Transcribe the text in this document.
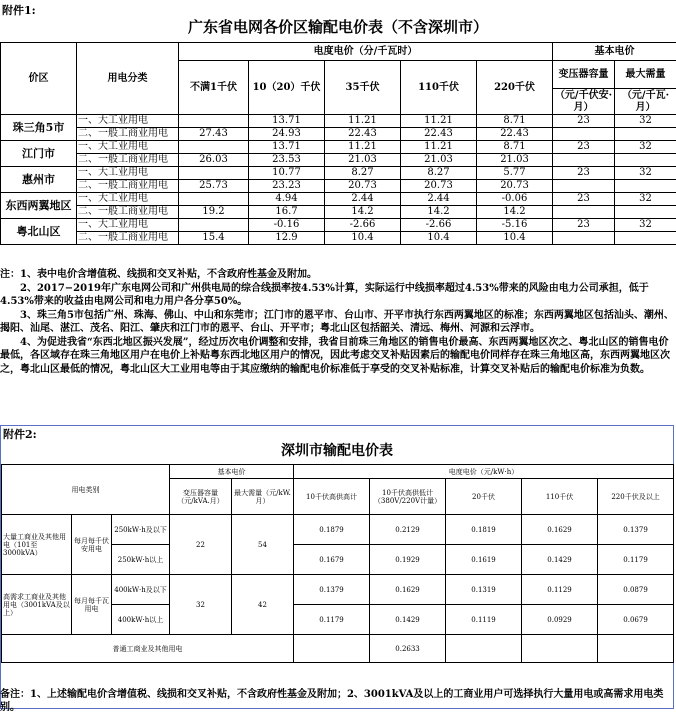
附件1:
广东省电网各价区输配电价表（不含深圳市）
价区	用电分类	电度电价（分/千瓦时）					基本电价	
		不满1千伏	10（20）千伏	35千伏	110千伏	220千伏	变压器容量	最大需量
							（元/千伏安·月）	（元/千瓦·月）
珠三角5市	一、大工业用电		13.71	11.21	11.21	8.71	23	32
	二、一般工商业用电	27.43	24.93	22.43	22.43	22.43		
江门市	一、大工业用电		13.71	11.21	11.21	8.71	23	32
	二、一般工商业用电	26.03	23.53	21.03	21.03	21.03		
惠州市	一、大工业用电		10.77	8.27	8.27	5.77	23	32
	二、一般工商业用电	25.73	23.23	20.73	20.73	20.73		
东西两翼地区	一、大工业用电		4.94	2.44	2.44	-0.06	23	32
	二、一般工商业用电	19.2	16.7	14.2	14.2	14.2		
粤北山区	一、大工业用电		-0.16	-2.66	-2.66	-5.16	23	32
	二、一般工商业用电	15.4	12.9	10.4	10.4	10.4		

注：1、表中电价含增值税、线损和交叉补贴，不含政府性基金及附加。

2、2017−2019年广东电网公司和广州供电局的综合线损率按4.53%计算，实际运行中线损率超过4.53%带来的风险由电力公司承担，低于4.53%带来的收益由电网公司和电力用户各分享50%。

3、珠三角5市包括广州、珠海、佛山、中山和东莞市；江门市的恩平市、台山市、开平市执行东西两翼地区的标准；东西两翼地区包括汕头、潮州、揭阳、汕尾、湛江、茂名、阳江、肇庆和江门市的恩平、台山、开平市；粤北山区包括韶关、清远、梅州、河源和云浮市。

4、为促进我省“东西北地区振兴发展”，经过历次电价调整和安排，我省目前珠三角地区的销售电价最高、东西两翼地区次之、粤北山区的销售电价最低，各区域存在珠三角地区用户在电价上补贴粤东西北地区用户的情况，因此考虑交叉补贴因素后的输配电价同样存在珠三角地区高，东西两翼地区次之，粤北山区最低的情况，粤北山区大工业用电等由于其应缴纳的输配电价标准低于享受的交叉补贴标准，计算交叉补贴后的输配电价标准为负数。

附件2:
深圳市输配电价表
用电类别			基本电价		电度电价（元/kW·h）				
			变压器容量（元/kVA.月）	最大需量（元/kW.月）	10千伏高供高计	10千伏高供低计（380V/220V计量）	20千伏	110千伏	220千伏及以上
大量工商业及其他用电（101至3000kVA）	每月每千伏安用电	250kW·h及以下	22	54	0.1879	0.2129	0.1819	0.1629	0.1379
		250kW·h以上			0.1679	0.1929	0.1619	0.1429	0.1179
高需求工商业及其他用电（3001kVA及以上）	每月每千瓦用电	400kW·h及以下	32	42	0.1379	0.1629	0.1319	0.1129	0.0879
		400kW·h以上			0.1179	0.1429	0.1119	0.0929	0.0679
普通工商业及其他用电						0.2633			
备注：1、上述输配电价含增值税、线损和交叉补贴，不含政府性基金及附加；2、3001kVA及以上的工商业用户可选择执行大量用电或高需求用电类别。
